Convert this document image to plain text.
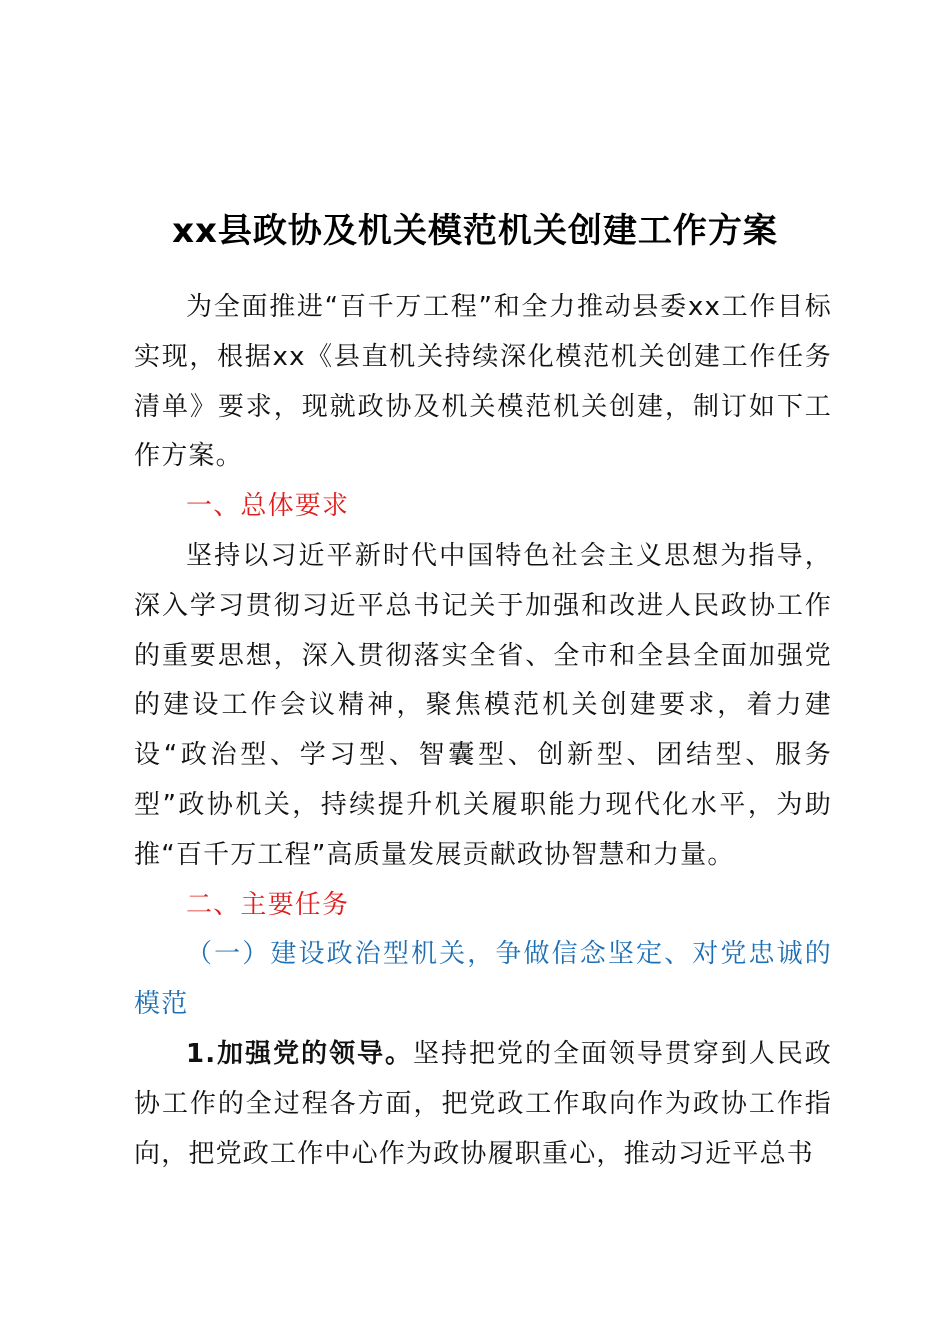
xx县政协及机关模范机关创建工作方案

为全面推进“百千万工程”和全力推动县委xx工作目标实现，根据xx《县直机关持续深化模范机关创建工作任务清单》要求，现就政协及机关模范机关创建，制订如下工作方案。

一、总体要求

坚持以习近平新时代中国特色社会主义思想为指导，深入学习贯彻习近平总书记关于加强和改进人民政协工作的重要思想，深入贯彻落实全省、全市和全县全面加强党的建设工作会议精神，聚焦模范机关创建要求，着力建设“政治型、学习型、智囊型、创新型、团结型、服务型”政协机关，持续提升机关履职能力现代化水平，为助推“百千万工程”高质量发展贡献政协智慧和力量。

二、主要任务

（一）建设政治型机关，争做信念坚定、对党忠诚的模范

1.加强党的领导。坚持把党的全面领导贯穿到人民政协工作的全过程各方面，把党政工作取向作为政协工作指向，把党政工作中心作为政协履职重心，推动习近平总书
